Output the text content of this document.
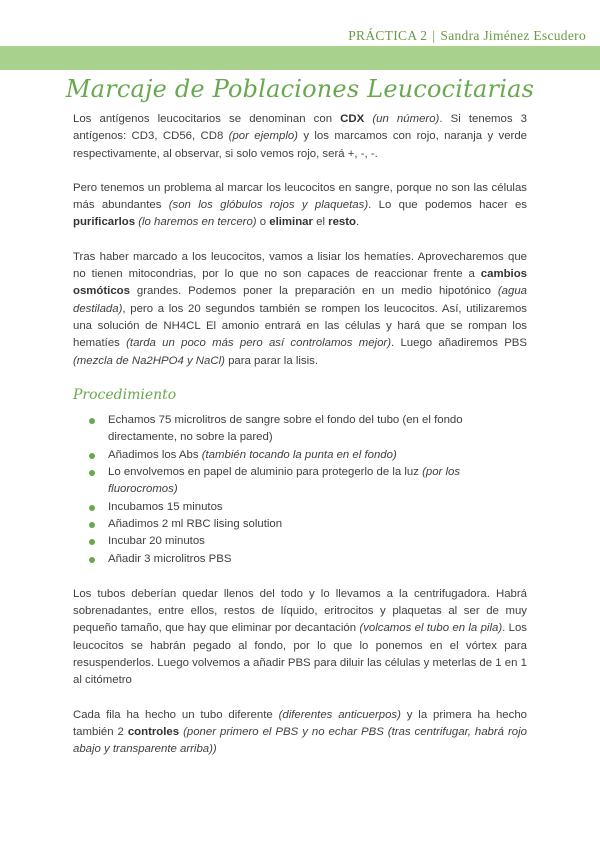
PRÁCTICA 2 | Sandra Jiménez Escudero
Marcaje de Poblaciones Leucocitarias

Los antígenos leucocitarios se denominan con CDX (un número). Si tenemos 3 antígenos: CD3, CD56, CD8 (por ejemplo) y los marcamos con rojo, naranja y verde respectivamente, al observar, si solo vemos rojo, será +, -, -.

Pero tenemos un problema al marcar los leucocitos en sangre, porque no son las células más abundantes (son los glóbulos rojos y plaquetas). Lo que podemos hacer es purificarlos (lo haremos en tercero) o eliminar el resto.

Tras haber marcado a los leucocitos, vamos a lisiar los hematíes. Aprovecharemos que no tienen mitocondrias, por lo que no son capaces de reaccionar frente a cambios osmóticos grandes. Podemos poner la preparación en un medio hipotónico (agua destilada), pero a los 20 segundos también se rompen los leucocitos. Así, utilizaremos una solución de NH4CL El amonio entrará en las células y hará que se rompan los hematíes (tarda un poco más pero así controlamos mejor). Luego añadiremos PBS (mezcla de Na2HPO4 y NaCl) para parar la lisis.

Procedimiento
Echamos 75 microlitros de sangre sobre el fondo del tubo (en el fondo directamente, no sobre la pared)
Añadimos los Abs (también tocando la punta en el fondo)
Lo envolvemos en papel de aluminio para protegerlo de la luz (por los fluorocromos)
Incubamos 15 minutos
Añadimos 2 ml RBC lising solution
Incubar 20 minutos
Añadir 3 microlitros PBS

Los tubos deberían quedar llenos del todo y lo llevamos a la centrifugadora. Habrá sobrenadantes, entre ellos, restos de líquido, eritrocitos y plaquetas al ser de muy pequeño tamaño, que hay que eliminar por decantación (volcamos el tubo en la pila). Los leucocitos se habrán pegado al fondo, por lo que lo ponemos en el vórtex para resuspenderlos. Luego volvemos a añadir PBS para diluir las células y meterlas de 1 en 1 al citómetro

Cada fila ha hecho un tubo diferente (diferentes anticuerpos) y la primera ha hecho también 2 controles (poner primero el PBS y no echar PBS (tras centrifugar, habrá rojo abajo y transparente arriba))
